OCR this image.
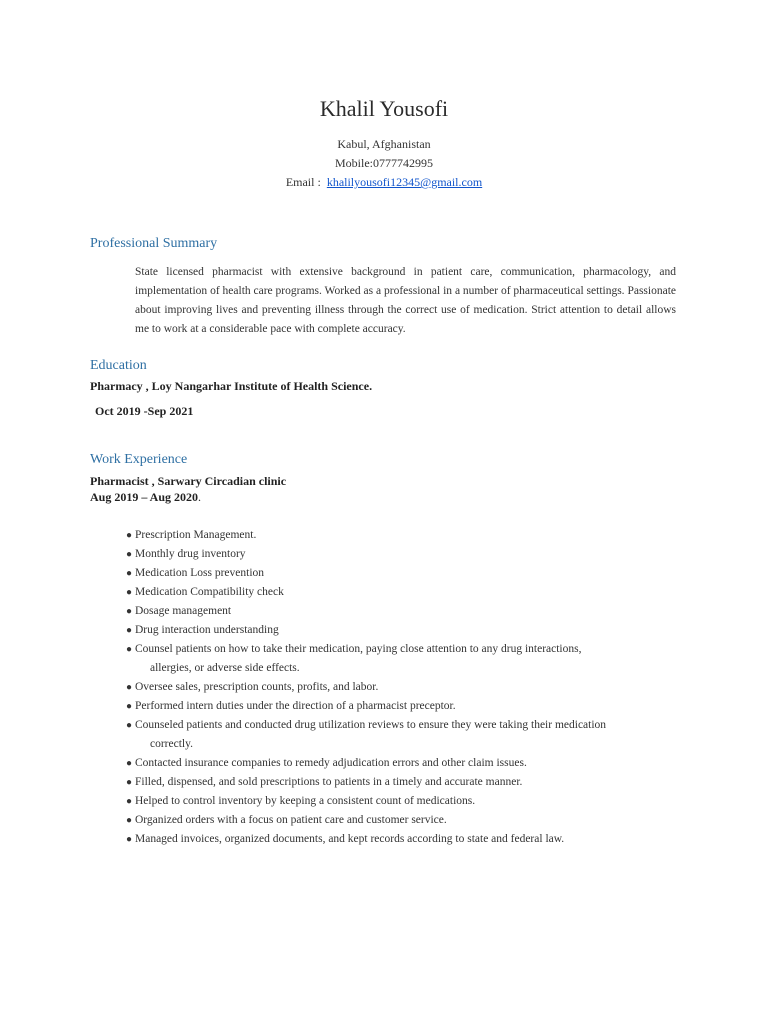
Khalil Yousofi
Kabul, Afghanistan
Mobile:0777742995
Email : khalilyousofi12345@gmail.com
Professional Summary
State licensed pharmacist with extensive background in patient care, communication, pharmacology, and implementation of health care programs. Worked as a professional in a number of pharmaceutical settings. Passionate about improving lives and preventing illness through the correct use of medication. Strict attention to detail allows me to work at a considerable pace with complete accuracy.
Education
Pharmacy , Loy Nangarhar Institute of Health Science.
Oct 2019 -Sep 2021
Work Experience
Pharmacist , Sarwary Circadian clinic
Aug 2019 – Aug 2020.
● Prescription Management.
● Monthly drug inventory
● Medication Loss prevention
● Medication Compatibility check
● Dosage management
● Drug interaction understanding
● Counsel patients on how to take their medication, paying close attention to any drug interactions,
allergies, or adverse side effects.
● Oversee sales, prescription counts, profits, and labor.
● Performed intern duties under the direction of a pharmacist preceptor.
● Counseled patients and conducted drug utilization reviews to ensure they were taking their medication
correctly.
● Contacted insurance companies to remedy adjudication errors and other claim issues.
● Filled, dispensed, and sold prescriptions to patients in a timely and accurate manner.
● Helped to control inventory by keeping a consistent count of medications.
● Organized orders with a focus on patient care and customer service.
● Managed invoices, organized documents, and kept records according to state and federal law.
